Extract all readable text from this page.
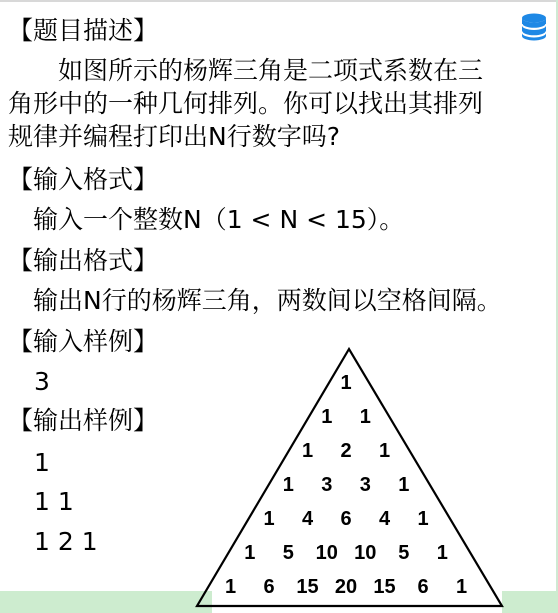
【题目描述】
　　如图所示的杨辉三角是二项式系数在三
角形中的一种几何排列。你可以找出其排列
规律并编程打印出N行数字吗?
【输入格式】
　输入一个整数N（1 < N < 15）。
【输出格式】
　输出N行的杨辉三角，两数间以空格间隔。
【输入样例】
3
【输出样例】
1
1 1
1 2 1
1
1 1
1 2 1
1 3 3 1
1 4 6 4 1
1 5 10 10 5 1
1 6 15 20 15 6 1
